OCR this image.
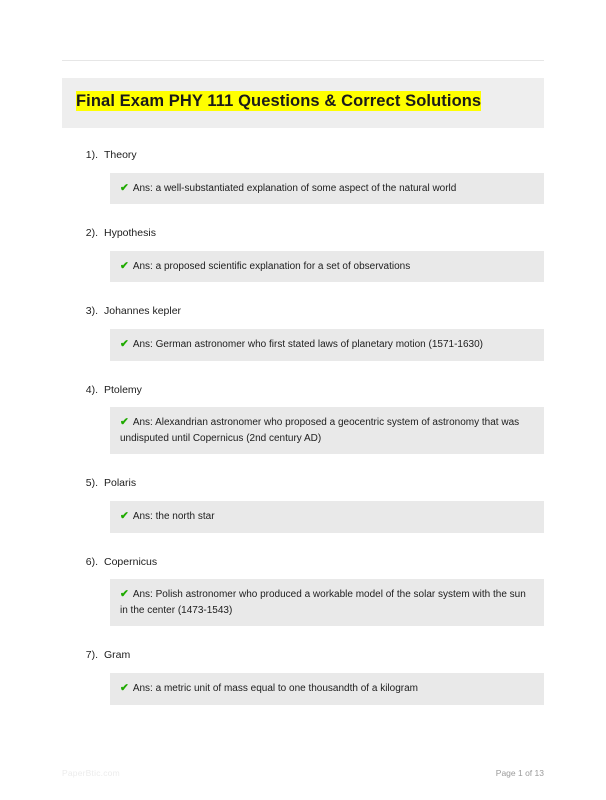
Final Exam PHY 111 Questions & Correct Solutions
1). Theory
✔ Ans: a well-substantiated explanation of some aspect of the natural world
2). Hypothesis
✔ Ans: a proposed scientific explanation for a set of observations
3). Johannes kepler
✔ Ans: German astronomer who first stated laws of planetary motion (1571-1630)
4). Ptolemy
✔ Ans: Alexandrian astronomer who proposed a geocentric system of astronomy that was undisputed until Copernicus (2nd century AD)
5). Polaris
✔ Ans: the north star
6). Copernicus
✔ Ans: Polish astronomer who produced a workable model of the solar system with the sun in the center (1473-1543)
7). Gram
✔ Ans: a metric unit of mass equal to one thousandth of a kilogram
PaperBtic.com	Page 1 of 13
